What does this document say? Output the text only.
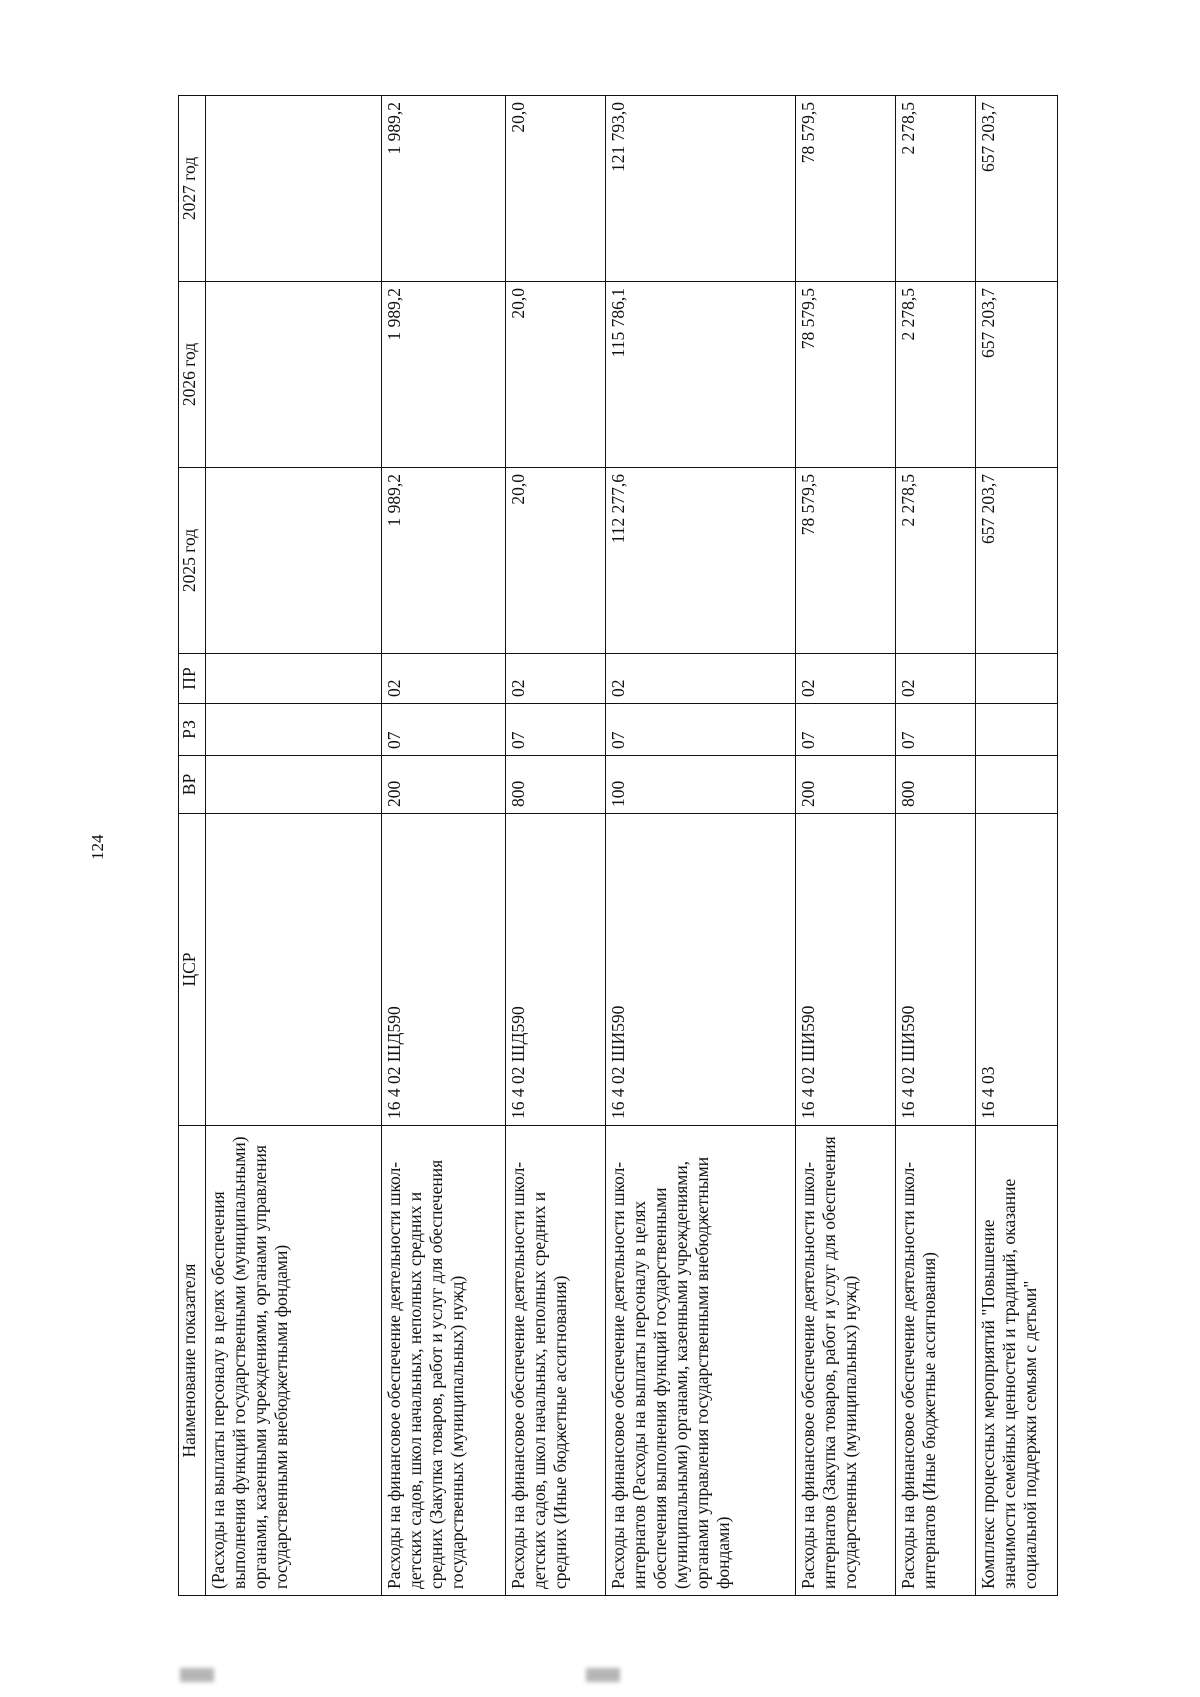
124
Наименование показателя	ЦСР	ВР	РЗ	ПР	2025 год	2026 год	2027 год
(Расходы на выплаты персоналу в целях обеспечения выполнения функций государственными (муниципальными) органами, казенными учреждениями, органами управления государственными внебюджетными фондами)							
Расходы на финансовое обеспечение деятельности школ-детских садов, школ начальных, неполных средних и средних (Закупка товаров, работ и услуг для обеспечения государственных (муниципальных) нужд)	16 4 02 ШД590	200	07	02	1 989,2	1 989,2	1 989,2
Расходы на финансовое обеспечение деятельности школ-детских садов, школ начальных, неполных средних и средних (Иные бюджетные ассигнования)	16 4 02 ШД590	800	07	02	20,0	20,0	20,0
Расходы на финансовое обеспечение деятельности школ-интернатов (Расходы на выплаты персоналу в целях обеспечения выполнения функций государственными (муниципальными) органами, казенными учреждениями, органами управления государственными внебюджетными фондами)	16 4 02 ШИ590	100	07	02	112 277,6	115 786,1	121 793,0
Расходы на финансовое обеспечение деятельности школ-интернатов (Закупка товаров, работ и услуг для обеспечения государственных (муниципальных) нужд)	16 4 02 ШИ590	200	07	02	78 579,5	78 579,5	78 579,5
Расходы на финансовое обеспечение деятельности школ-интернатов (Иные бюджетные ассигнования)	16 4 02 ШИ590	800	07	02	2 278,5	2 278,5	2 278,5
Комплекс процессных мероприятий "Повышение значимости семейных ценностей и традиций, оказание социальной поддержки семьям с детьми"	16 4 03				657 203,7	657 203,7	657 203,7
